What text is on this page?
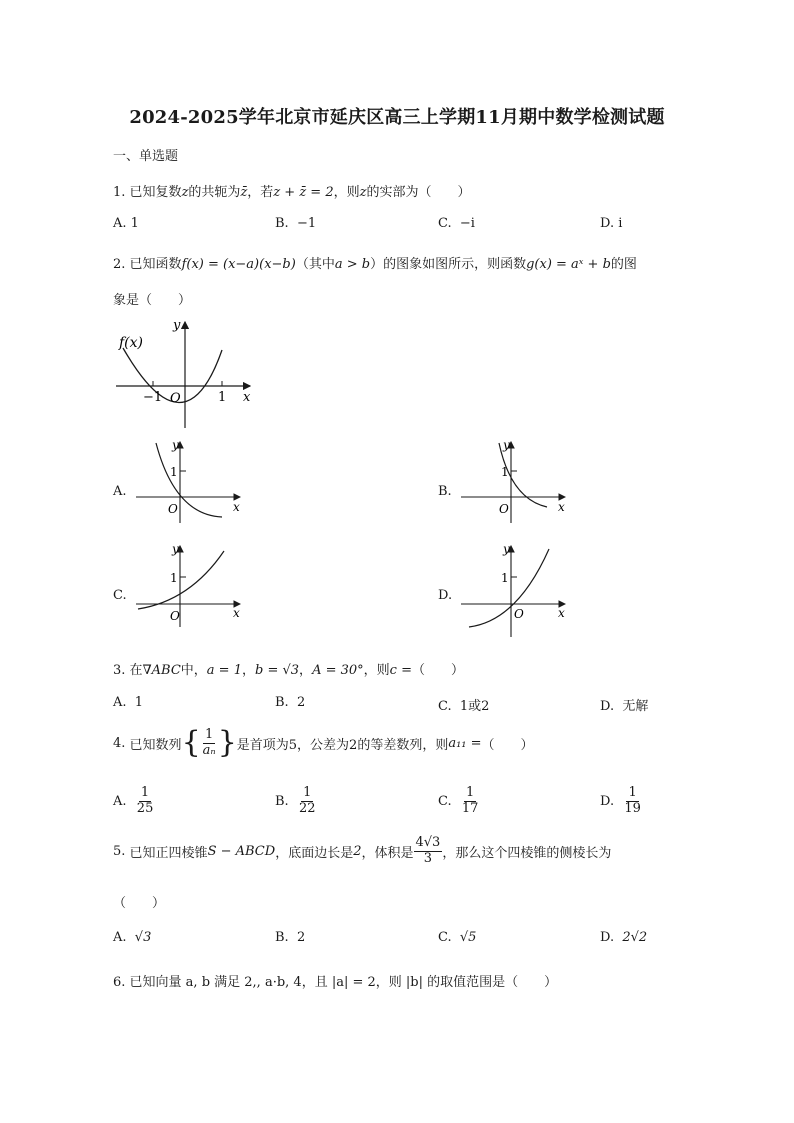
2024-2025学年北京市延庆区高三上学期11月期中数学检测试题
一、单选题
1. 已知复数z的共轭为z̄，若z + z̄ = 2，则z的实部为（　　）
A. 1	B. −1	C. −i	D. i
2. 已知函数f(x) = (x−a)(x−b)（其中a > b）的图象如图所示，则函数g(x) = aˣ + b的图
象是（　　）
f(x)
y
x
O
−1	1
A.
y
1
x
O
B.
y
1
x
O
C.
y
1
x
O
D.
y
1
x
O
3. 在∇ABC中，a = 1，b = √3，A = 30°，则c =（　　）
A. 1	B. 2	C. 1或2	D. 无解
4.
已知数列 { $\frac{1}{\text{aₙ}}$ } 是首项为5，公差为2的等差数列，则 a₁₁ = （　　）
A.
$\frac{1}{25}$	B.
$\frac{1}{22}$	C.
$\frac{1}{17}$	D.
$\frac{1}{19}$
5.
已知正四棱锥 S − ABCD ，底面边长是 2 ，体积是 $\frac{4√3}{3}$ ，那么这个四棱锥的侧棱长为
（　　）
A. √3	B. 2	C. √5	D. 2√2
6. 已知向量 a, b 满足 2,, a·b, 4，且 |a| = 2，则 |b| 的取值范围是（　　）
